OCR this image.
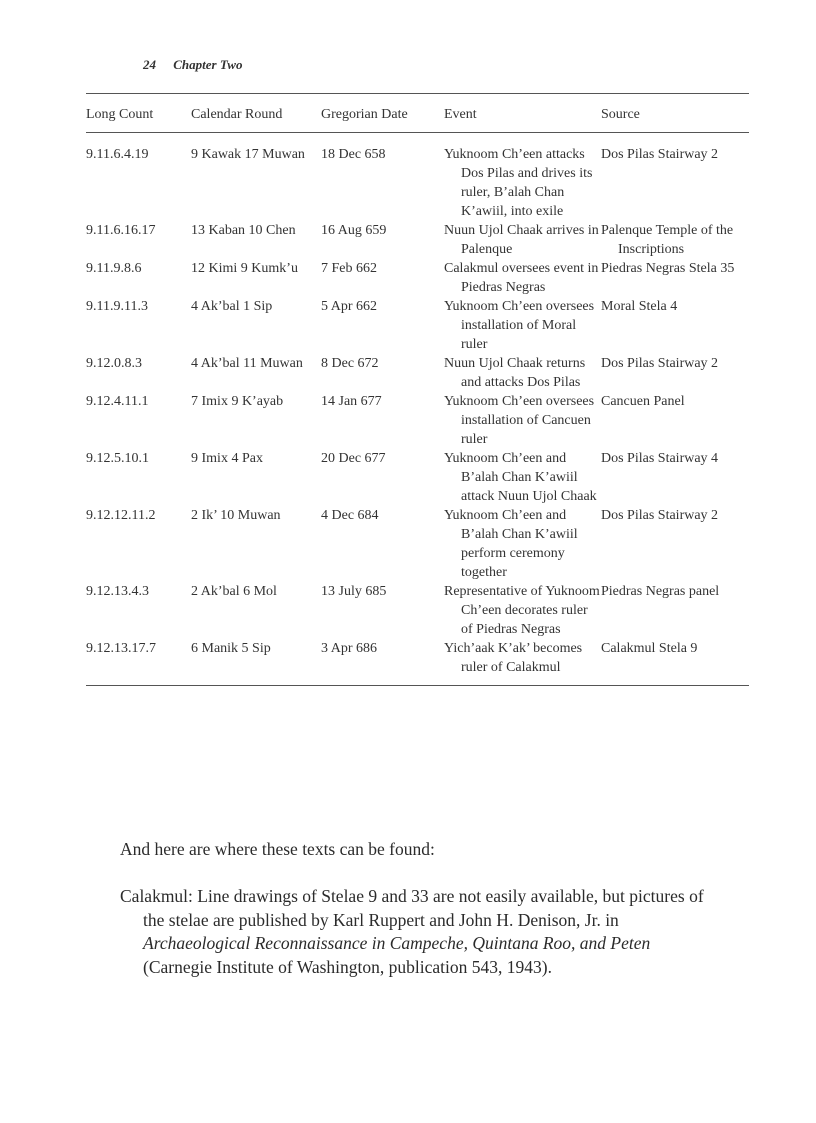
24 Chapter Two
Long Count	Calendar Round	Gregorian Date	Event	Source

9.11.6.4.19	9 Kawak 17 Muwan	18 Dec 658	Yuknoom Ch’een attacks Dos Pilas and drives its ruler, B’alah Chan K’awiil, into exile	Dos Pilas Stairway 2

9.11.6.16.17	13 Kaban 10 Chen	16 Aug 659	Nuun Ujol Chaak arrives in Palenque	Palenque Temple of the Inscriptions

9.11.9.8.6	12 Kimi 9 Kumk’u	7 Feb 662	Calakmul oversees event in Piedras Negras	Piedras Negras Stela 35

9.11.9.11.3	4 Ak’bal 1 Sip	5 Apr 662	Yuknoom Ch’een oversees installation of Moral ruler	Moral Stela 4

9.12.0.8.3	4 Ak’bal 11 Muwan	8 Dec 672	Nuun Ujol Chaak returns and attacks Dos Pilas	Dos Pilas Stairway 2

9.12.4.11.1	7 Imix 9 K’ayab	14 Jan 677	Yuknoom Ch’een oversees installation of Cancuen ruler	Cancuen Panel

9.12.5.10.1	9 Imix 4 Pax	20 Dec 677	Yuknoom Ch’een and B’alah Chan K’awiil attack Nuun Ujol Chaak	Dos Pilas Stairway 4

9.12.12.11.2	2 Ik’ 10 Muwan	4 Dec 684	Yuknoom Ch’een and B’alah Chan K’awiil perform ceremony together	Dos Pilas Stairway 2

9.12.13.4.3	2 Ak’bal 6 Mol	13 July 685	Representative of Yuknoom Ch’een decorates ruler of Piedras Negras	Piedras Negras panel

9.12.13.17.7	6 Manik 5 Sip	3 Apr 686	Yich’aak K’ak’ becomes ruler of Calakmul	Calakmul Stela 9

And here are where these texts can be found:

Calakmul: Line drawings of Stelae 9 and 33 are not easily available, but pictures of the stelae are published by Karl Ruppert and John H. Denison, Jr. in Archaeological Reconnaissance in Campeche, Quintana Roo, and Peten (Carnegie Institute of Washington, publication 543, 1943).
